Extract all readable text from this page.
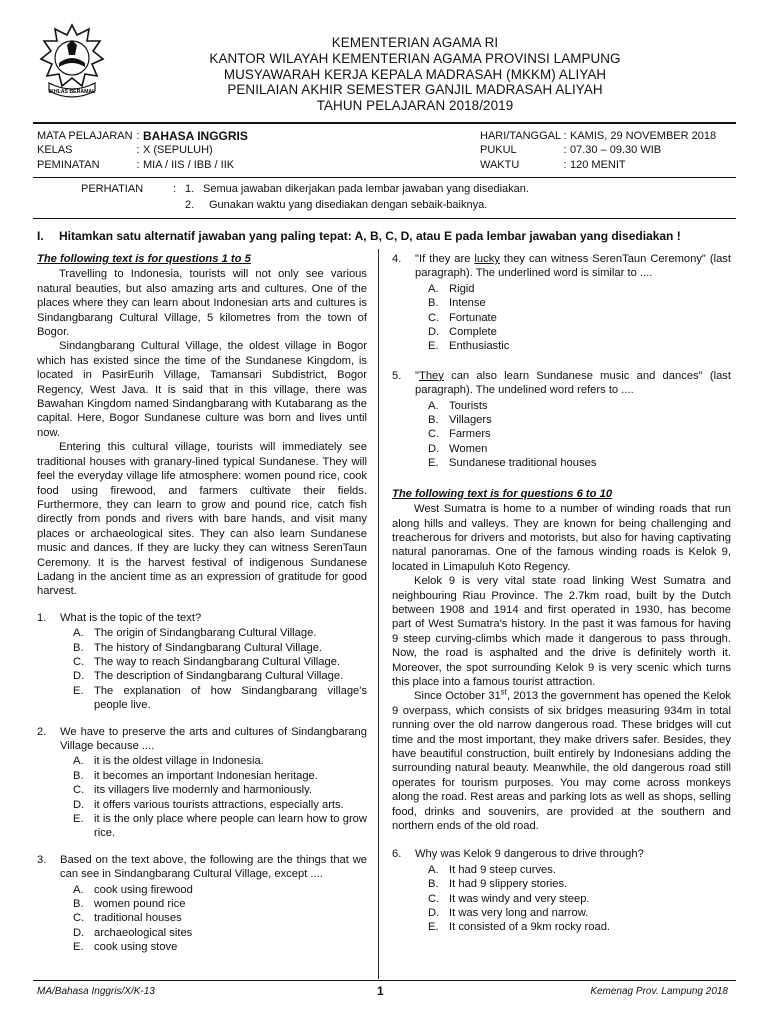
IKHLAS BERAMAL
KEMENTERIAN AGAMA RI
KANTOR WILAYAH KEMENTERIAN AGAMA PROVINSI LAMPUNG
MUSYAWARAH KERJA KEPALA MADRASAH (MKKM) ALIYAH
PENILAIAN AKHIR SEMESTER GANJIL MADRASAH ALIYAH
TAHUN PELAJARAN 2018/2019
MATA PELAJARAN : BAHASA INGGRIS
KELAS	: X (SEPULUH)
PEMINATAN	: MIA / IIS / IBB / IIK
HARI/TANGGAL : KAMIS, 29 NOVEMBER 2018
PUKUL	: 07.30 – 09.30 WIB
WAKTU	: 120 MENIT
PERHATIAN	: 1. Semua jawaban dikerjakan pada lembar jawaban yang disediakan.
2.	Gunakan waktu yang disediakan dengan sebaik-baiknya.
I. Hitamkan satu alternatif jawaban yang paling tepat: A, B, C, D, atau E pada lembar jawaban yang disediakan !
The following text is for questions 1 to 5

Travelling to Indonesia, tourists will not only see various natural beauties, but also amazing arts and cultures. One of the places where they can learn about Indonesian arts and cultures is Sindangbarang Cultural Village, 5 kilometres from the town of Bogor.

Sindangbarang Cultural Village, the oldest village in Bogor which has existed since the time of the Sundanese Kingdom, is located in PasirEurih Village, Tamansari Subdistrict, Bogor Regency, West Java. It is said that in this village, there was Bawahan Kingdom named Sindangbarang with Kutabarang as the capital. Here, Bogor Sundanese culture was born and lives until now.

Entering this cultural village, tourists will immediately see traditional houses with granary-lined typical Sundanese. They will feel the everyday village life atmosphere: women pound rice, cook food using firewood, and farmers cultivate their fields. Furthermore, they can learn to grow and pound rice, catch fish directly from ponds and rivers with bare hands, and visit many places or archaeological sites. They can also learn Sundanese music and dances. If they are lucky they can witness SerenTaun Ceremony. It is the harvest festival of indigenous Sundanese Ladang in the ancient time as an expression of gratitude for good harvest.

1.	What is the topic of the text?
A. The origin of Sindangbarang Cultural Village.
B. The history of Sindangbarang Cultural Village.
C. The way to reach Sindangbarang Cultural Village.
D. The description of Sindangbarang Cultural Village.
E. The explanation of how Sindangbarang village's people live.
2.	We have to preserve the arts and cultures of Sindangbarang Village because ....
A. it is the oldest village in Indonesia.
B. it becomes an important Indonesian heritage.
C. its villagers live modernly and harmoniously.
D. it offers various tourists attractions, especially arts.
E. it is the only place where people can learn how to grow rice.
3.	Based on the text above, the following are the things that we can see in Sindangbarang Cultural Village, except ....
A. cook using firewood
B. women pound rice
C. traditional houses
D. archaeological sites
E. cook using stove
4.	"If they are lucky they can witness SerenTaun Ceremony" (last paragraph). The underlined word is similar to ....
A. Rigid
B. Intense
C. Fortunate
D. Complete
E. Enthusiastic
5.	"They can also learn Sundanese music and dances" (last paragraph). The undelined word refers to ....
A. Tourists
B. Villagers
C. Farmers
D. Women
E. Sundanese traditional houses
The following text is for questions 6 to 10

West Sumatra is home to a number of winding roads that run along hills and valleys. They are known for being challenging and treacherous for drivers and motorists, but also for having captivating natural panoramas. One of the famous winding roads is Kelok 9, located in Limapuluh Koto Regency.

Kelok 9 is very vital state road linking West Sumatra and neighbouring Riau Province. The 2.7km road, built by the Dutch between 1908 and 1914 and first operated in 1930, has become part of West Sumatra's history. In the past it was famous for having 9 steep curving-climbs which made it dangerous to pass through. Now, the road is asphalted and the drive is definitely worth it. Moreover, the spot surrounding Kelok 9 is very scenic which turns this place into a famous tourist attraction.

Since October 31st, 2013 the government has opened the Kelok 9 overpass, which consists of six bridges measuring 934m in total running over the old narrow dangerous road. These bridges will cut time and the most important, they make drivers safer. Besides, they have beautiful construction, built entirely by Indonesians adding the surrounding natural beauty. Meanwhile, the old dangerous road still operates for tourism purposes. You may come across monkeys along the road. Rest areas and parking lots as well as shops, selling food, drinks and souvenirs, are provided at the southern and northern ends of the old road.

6.	Why was Kelok 9 dangerous to drive through?
A. It had 9 steep curves.
B. It had 9 slippery stories.
C. It was windy and very steep.
D. It was very long and narrow.
E. It consisted of a 9km rocky road.
MA/Bahasa Inggris/X/K-13	1	Kemenag Prov. Lampung 2018
